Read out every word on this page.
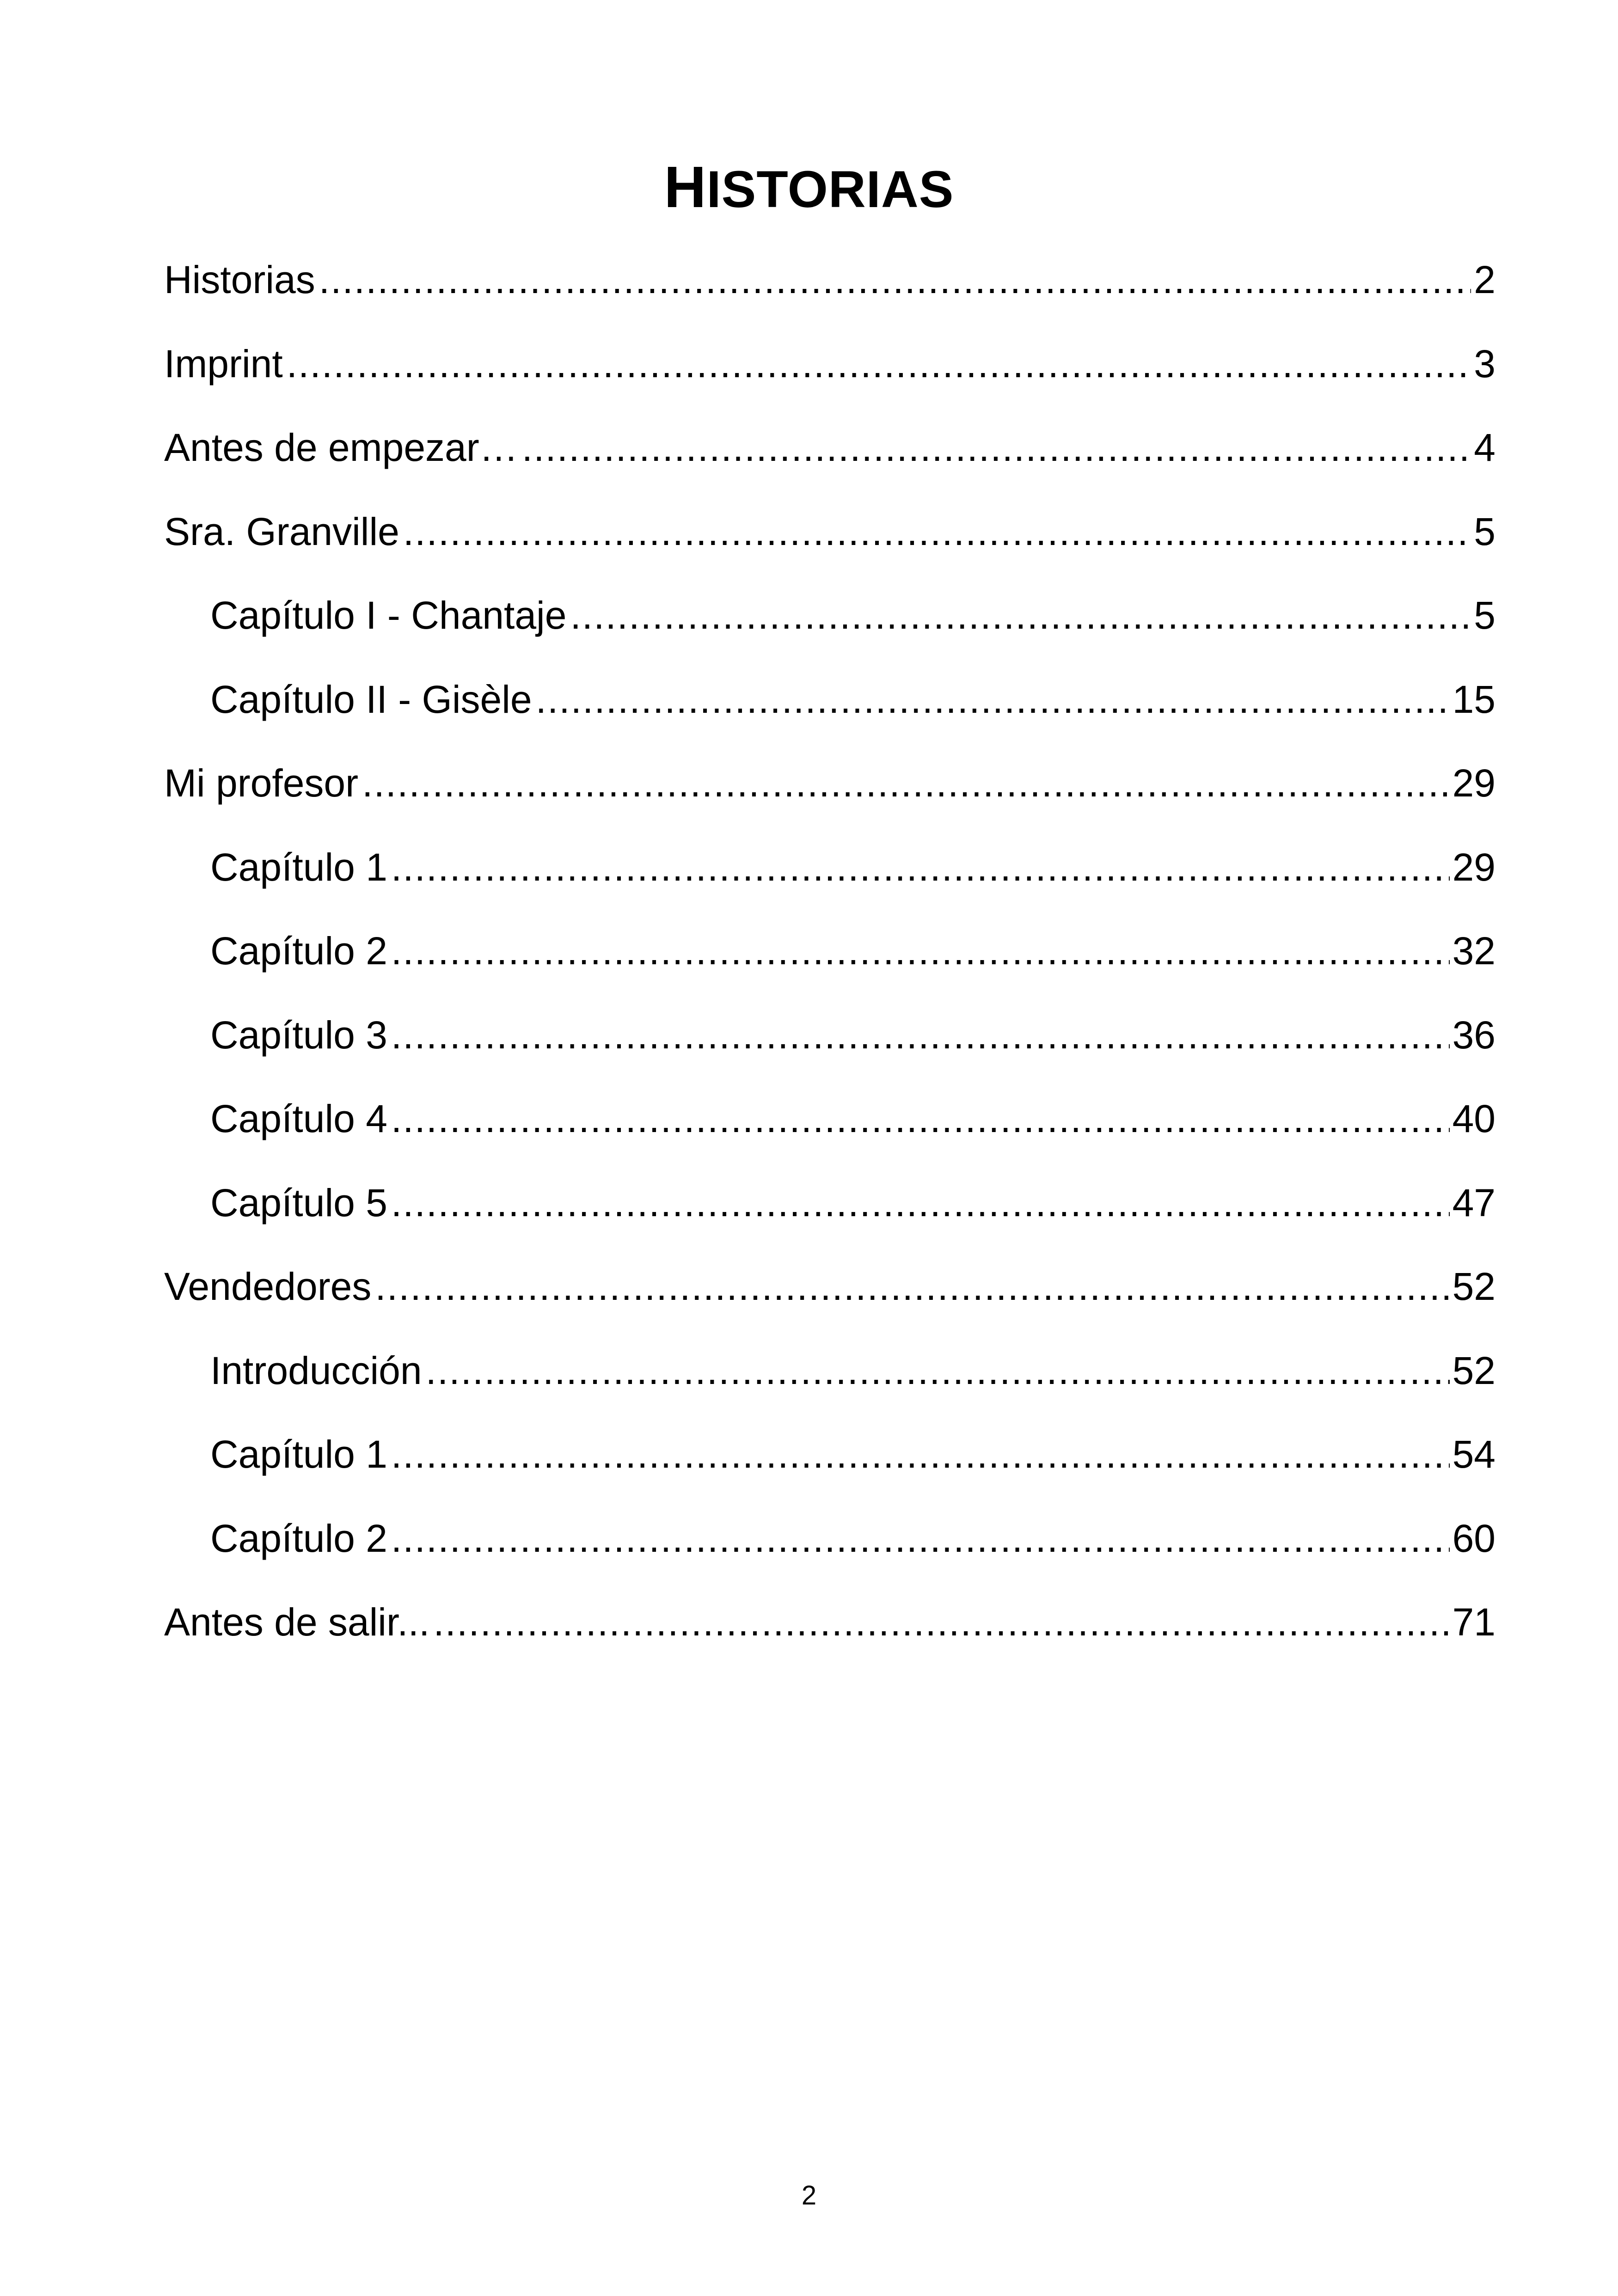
HISTORIAS
Historias .....	2
Imprint .....	3
Antes de empezar… .....	4
Sra. Granville .....	5
Capítulo I - Chantaje .....	5
Capítulo II - Gisèle .....	15
Mi profesor .....	29
Capítulo 1 .....	29
Capítulo 2 .....	32
Capítulo 3 .....	36
Capítulo 4 .....	40
Capítulo 5 .....	47
Vendedores .....	52
Introducción .....	52
Capítulo 1 .....	54
Capítulo 2 .....	60
Antes de salir... .....	71
2
